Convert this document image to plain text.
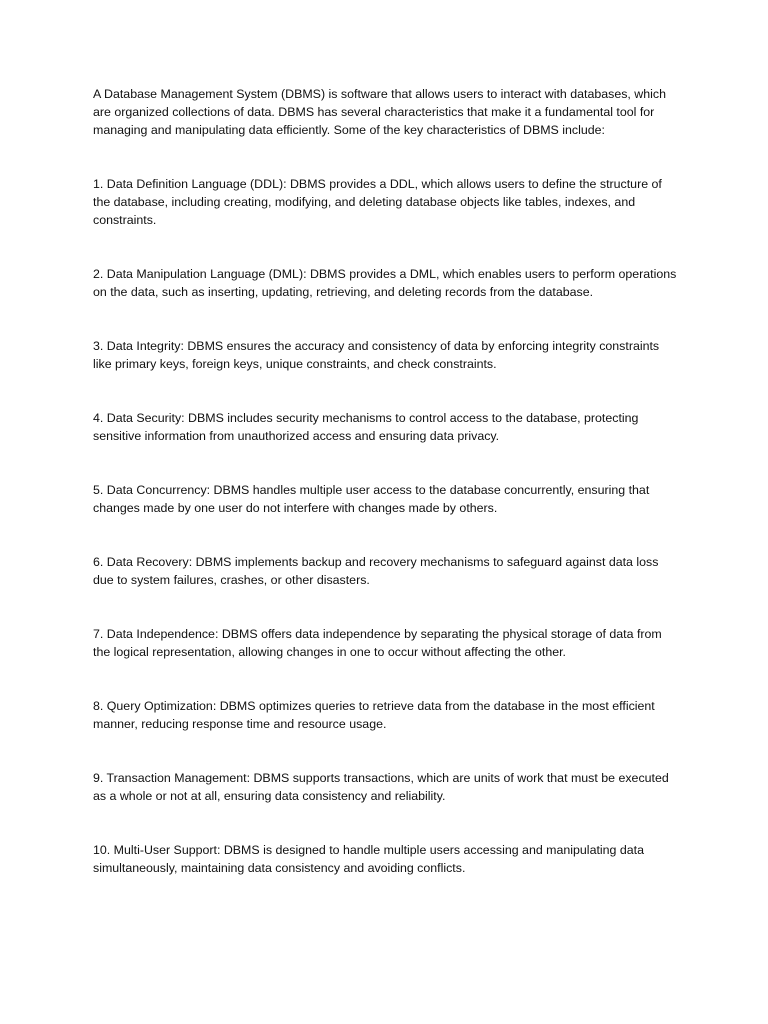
A Database Management System (DBMS) is software that allows users to interact with databases, which are organized collections of data. DBMS has several characteristics that make it a fundamental tool for managing and manipulating data efficiently. Some of the key characteristics of DBMS include:

1. Data Definition Language (DDL): DBMS provides a DDL, which allows users to define the structure of the database, including creating, modifying, and deleting database objects like tables, indexes, and constraints.

2. Data Manipulation Language (DML): DBMS provides a DML, which enables users to perform operations on the data, such as inserting, updating, retrieving, and deleting records from the database.

3. Data Integrity: DBMS ensures the accuracy and consistency of data by enforcing integrity constraints like primary keys, foreign keys, unique constraints, and check constraints.

4. Data Security: DBMS includes security mechanisms to control access to the database, protecting sensitive information from unauthorized access and ensuring data privacy.

5. Data Concurrency: DBMS handles multiple user access to the database concurrently, ensuring that changes made by one user do not interfere with changes made by others.

6. Data Recovery: DBMS implements backup and recovery mechanisms to safeguard against data loss due to system failures, crashes, or other disasters.

7. Data Independence: DBMS offers data independence by separating the physical storage of data from the logical representation, allowing changes in one to occur without affecting the other.

8. Query Optimization: DBMS optimizes queries to retrieve data from the database in the most efficient manner, reducing response time and resource usage.

9. Transaction Management: DBMS supports transactions, which are units of work that must be executed as a whole or not at all, ensuring data consistency and reliability.

10. Multi-User Support: DBMS is designed to handle multiple users accessing and manipulating data simultaneously, maintaining data consistency and avoiding conflicts.
